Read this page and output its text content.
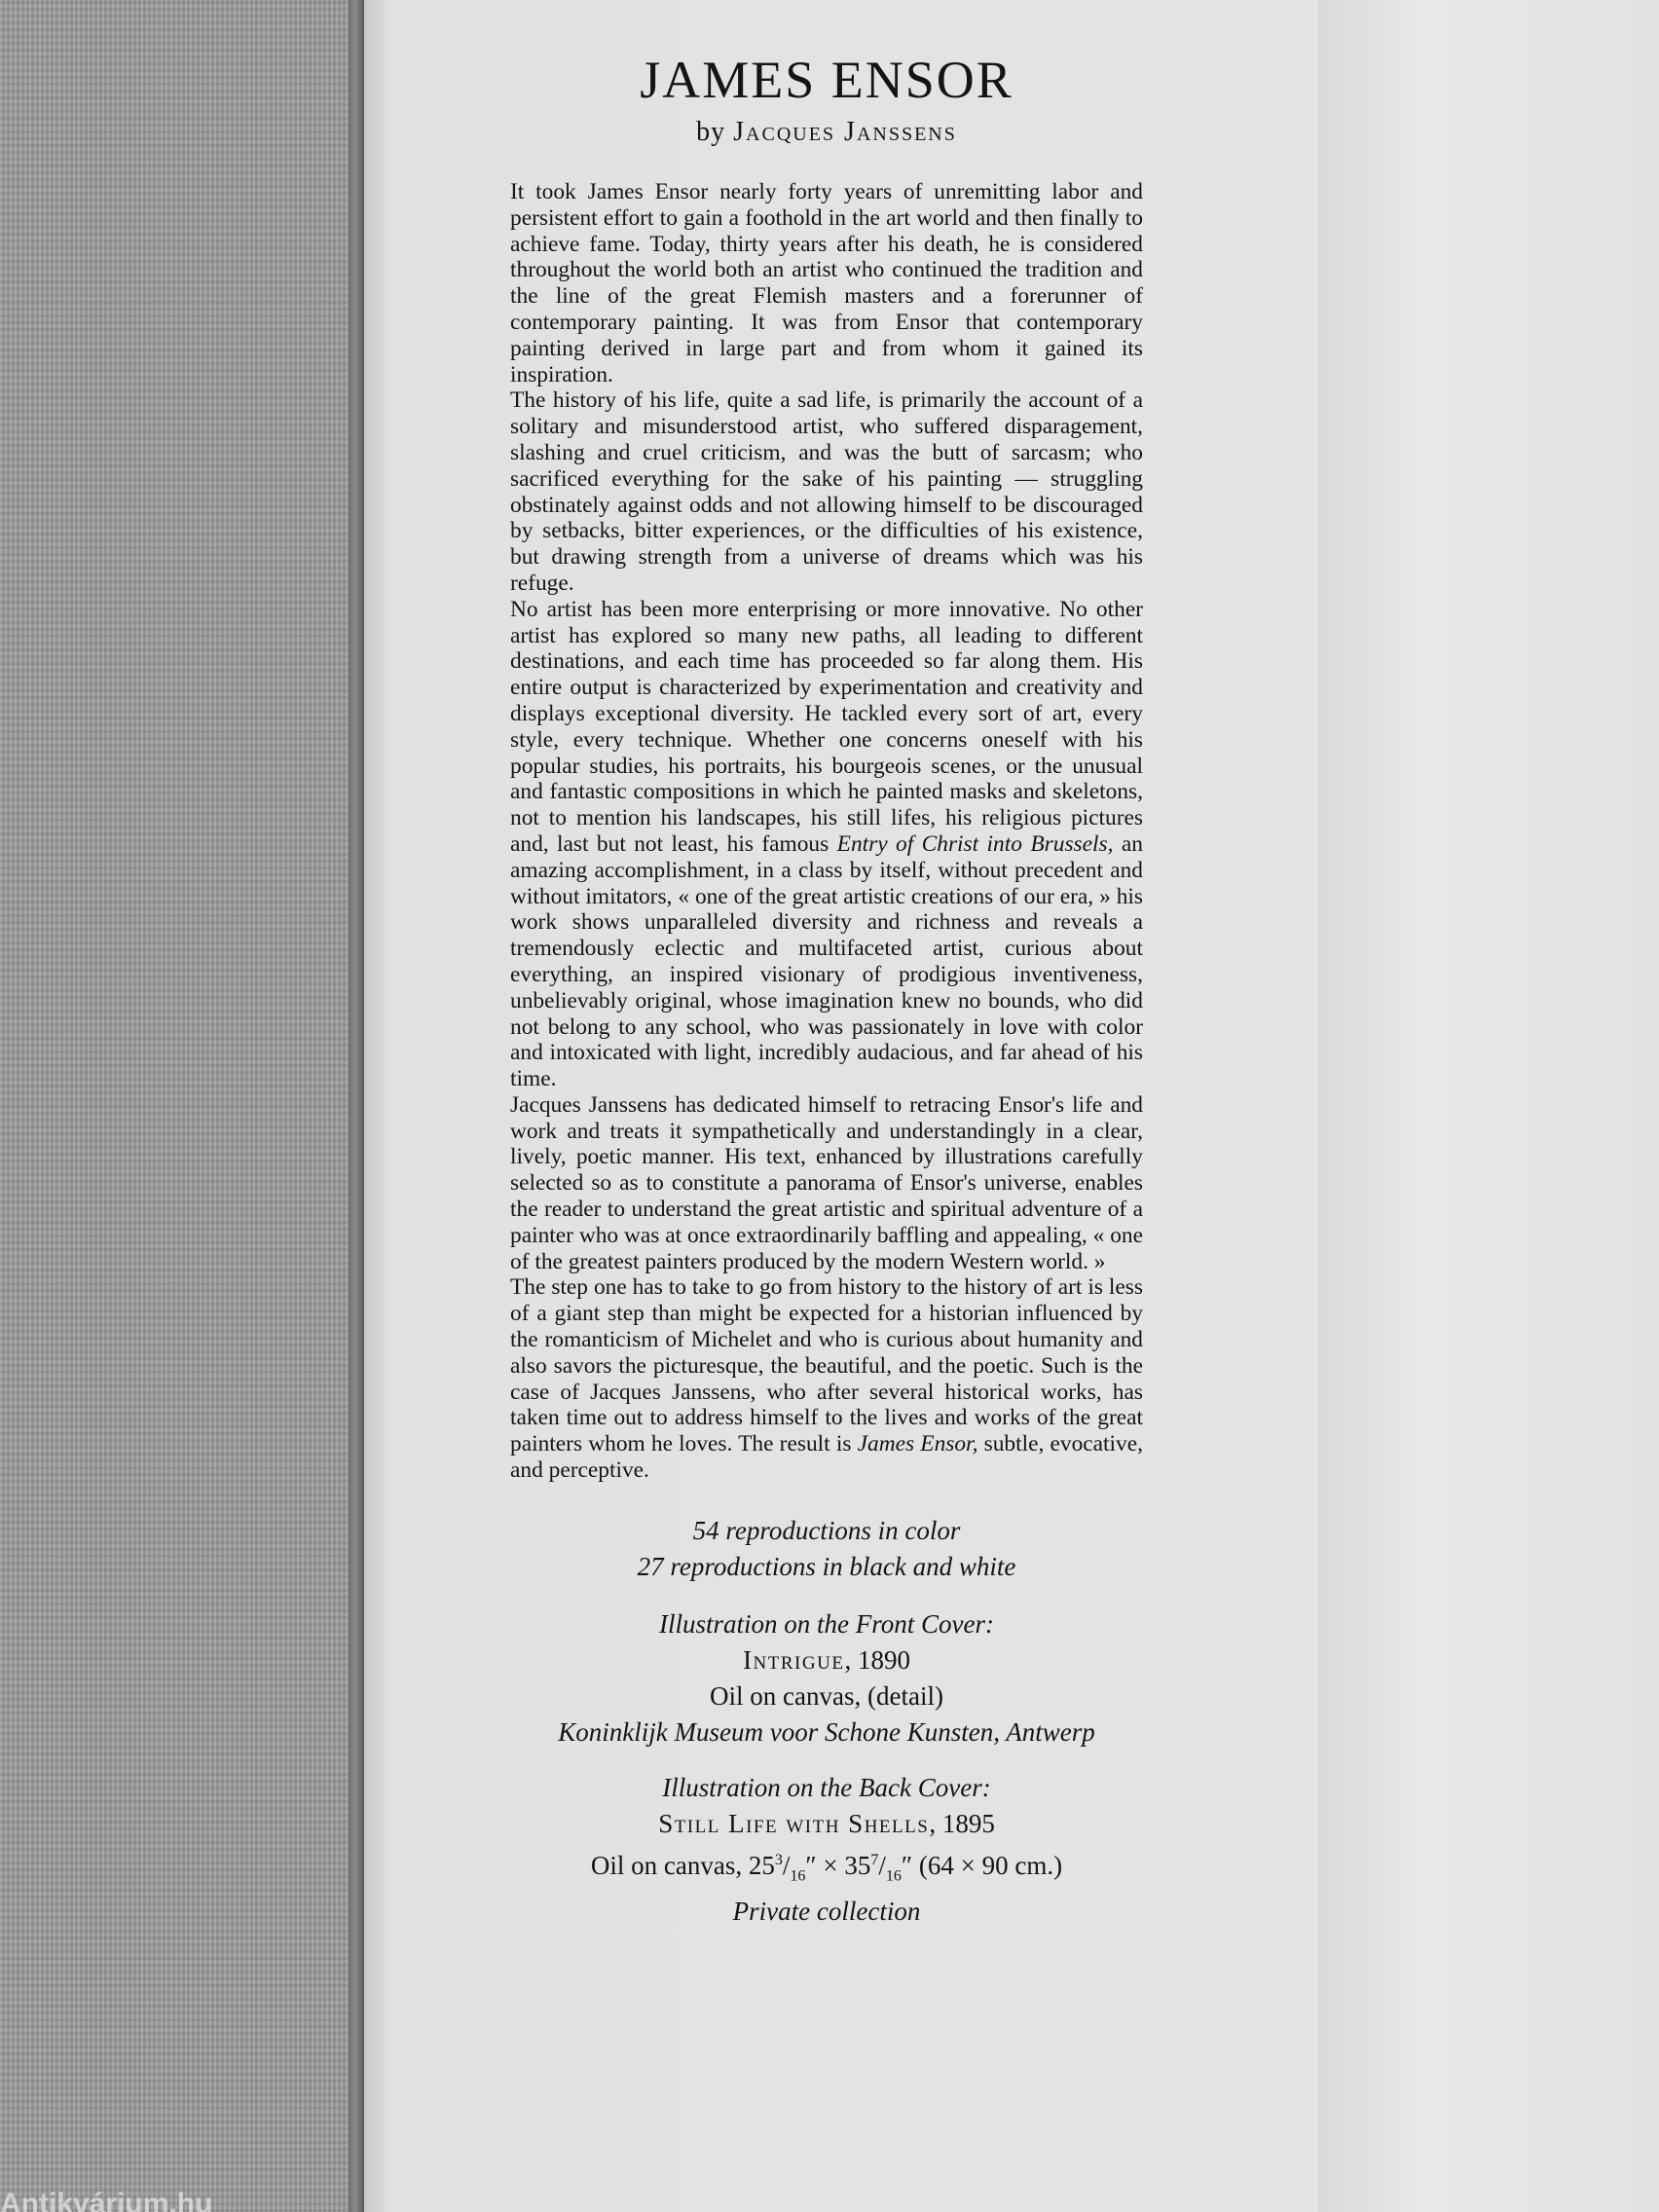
Antikvárium.hu
JAMES ENSOR
by Jacques Janssens

It took James Ensor nearly forty years of unremitting labor and persistent effort to gain a foothold in the art world and then finally to achieve fame. Today, thirty years after his death, he is considered throughout the world both an artist who continued the tradition and the line of the great Flemish masters and a forerunner of contemporary painting. It was from Ensor that contemporary painting derived in large part and from whom it gained its inspiration.

The history of his life, quite a sad life, is primarily the account of a solitary and misunderstood artist, who suffered disparagement, slashing and cruel criticism, and was the butt of sarcasm; who sacrificed everything for the sake of his painting — struggling obstinately against odds and not allowing himself to be discouraged by setbacks, bitter experiences, or the difficulties of his existence, but drawing strength from a universe of dreams which was his refuge.

No artist has been more enterprising or more innovative. No other artist has explored so many new paths, all leading to different destinations, and each time has proceeded so far along them. His entire output is characterized by experimentation and creativity and displays exceptional diversity. He tackled every sort of art, every style, every technique. Whether one concerns oneself with his popular studies, his portraits, his bourgeois scenes, or the unusual and fantastic compositions in which he painted masks and skeletons, not to mention his landscapes, his still lifes, his religious pictures and, last but not least, his famous Entry of Christ into Brussels, an amazing accomplishment, in a class by itself, without precedent and without imitators, « one of the great artistic creations of our era, » his work shows unparalleled diversity and richness and reveals a tremendously eclectic and multifaceted artist, curious about everything, an inspired visionary of prodigious inventiveness, unbelievably original, whose imagination knew no bounds, who did not belong to any school, who was passionately in love with color and intoxicated with light, incredibly audacious, and far ahead of his time.

Jacques Janssens has dedicated himself to retracing Ensor's life and work and treats it sympathetically and understandingly in a clear, lively, poetic manner. His text, enhanced by illustrations carefully selected so as to constitute a panorama of Ensor's universe, enables the reader to understand the great artistic and spiritual adventure of a painter who was at once extraordinarily baffling and appealing, « one of the greatest painters produced by the modern Western world. »

The step one has to take to go from history to the history of art is less of a giant step than might be expected for a historian influenced by the romanticism of Michelet and who is curious about humanity and also savors the picturesque, the beautiful, and the poetic. Such is the case of Jacques Janssens, who after several historical works, has taken time out to address himself to the lives and works of the great painters whom he loves. The result is James Ensor, subtle, evocative, and perceptive.

54 reproductions in color
27 reproductions in black and white
Illustration on the Front Cover:
Intrigue, 1890
Oil on canvas, (detail)
Koninklijk Museum voor Schone Kunsten, Antwerp
Illustration on the Back Cover:
Still Life with Shells, 1895
Oil on canvas, $25^3/_{16}'' \times 35^7/_{16}''$ (64 × 90 cm.)
Private collection
